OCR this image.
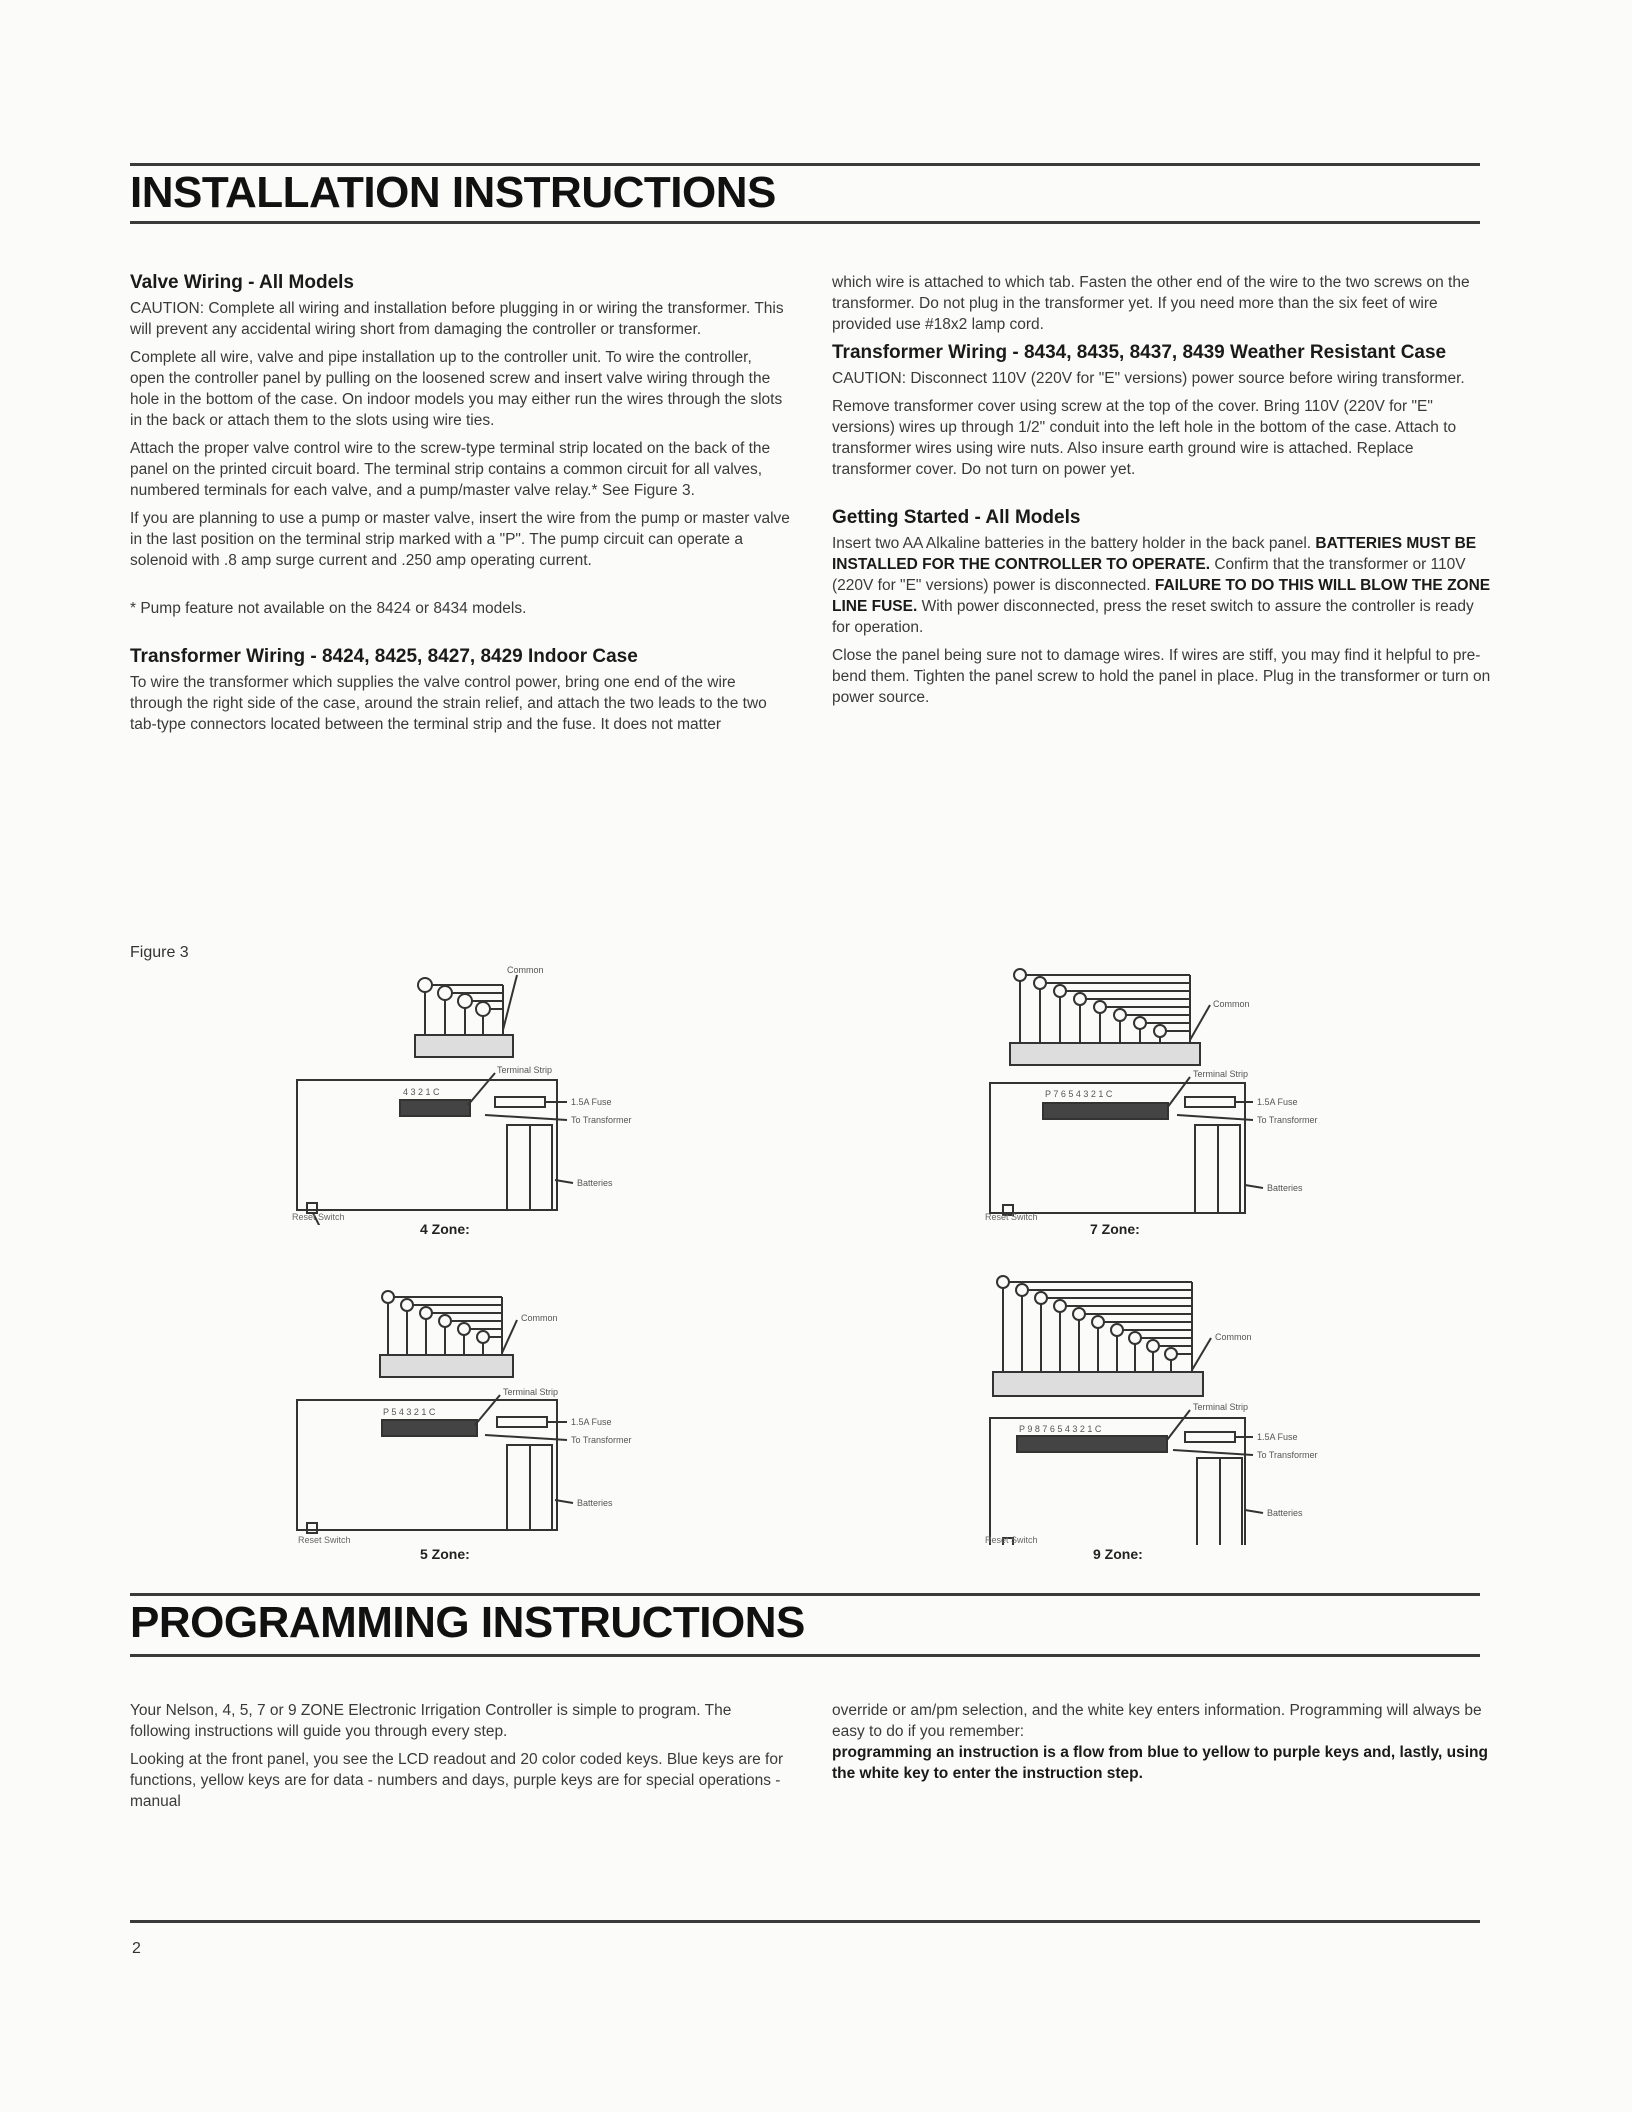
INSTALLATION INSTRUCTIONS
Valve Wiring - All Models

CAUTION: Complete all wiring and installation before plugging in or wiring the transformer. This will prevent any accidental wiring short from damaging the controller or transformer.

Complete all wire, valve and pipe installation up to the controller unit. To wire the controller, open the controller panel by pulling on the loosened screw and insert valve wiring through the hole in the bottom of the case. On indoor models you may either run the wires through the slots in the back or attach them to the slots using wire ties.

Attach the proper valve control wire to the screw-type terminal strip located on the back of the panel on the printed circuit board. The terminal strip contains a common circuit for all valves, numbered terminals for each valve, and a pump/master valve relay.* See Figure 3.

If you are planning to use a pump or master valve, insert the wire from the pump or master valve in the last position on the terminal strip marked with a "P". The pump circuit can operate a solenoid with .8 amp surge current and .250 amp operating current.

* Pump feature not available on the 8424 or 8434 models.

Transformer Wiring - 8424, 8425, 8427, 8429 Indoor Case

To wire the transformer which supplies the valve control power, bring one end of the wire through the right side of the case, around the strain relief, and attach the two leads to the two tab-type connectors located between the terminal strip and the fuse. It does not matter

which wire is attached to which tab. Fasten the other end of the wire to the two screws on the transformer. Do not plug in the transformer yet. If you need more than the six feet of wire provided use #18x2 lamp cord.

Transformer Wiring - 8434, 8435, 8437, 8439 Weather Resistant Case

CAUTION: Disconnect 110V (220V for "E" versions) power source before wiring transformer.

Remove transformer cover using screw at the top of the cover. Bring 110V (220V for "E" versions) wires up through 1/2" conduit into the left hole in the bottom of the case. Attach to transformer wires using wire nuts. Also insure earth ground wire is attached. Replace transformer cover. Do not turn on power yet.

Getting Started - All Models

Insert two AA Alkaline batteries in the battery holder in the back panel. BATTERIES MUST BE INSTALLED FOR THE CONTROLLER TO OPERATE. Confirm that the transformer or 110V (220V for "E" versions) power is disconnected. FAILURE TO DO THIS WILL BLOW THE ZONE LINE FUSE. With power disconnected, press the reset switch to assure the controller is ready for operation.

Close the panel being sure not to damage wires. If wires are stiff, you may find it helpful to pre-bend them. Tighten the panel screw to hold the panel in place. Plug in the transformer or turn on power source.

Figure 3
Common
Terminal Strip
1.5A Fuse
To Transformer
Batteries
4 3 2 1 C
4 Zone:
Reset Switch
Common
Terminal Strip
1.5A Fuse
To Transformer
Batteries
P 7 6 5 4 3 2 1 C
7 Zone:
Reset Switch
Common
Terminal Strip
1.5A Fuse
To Transformer
Batteries
P 5 4 3 2 1 C
5 Zone:
Reset Switch
Common
Terminal Strip
1.5A Fuse
To Transformer
Batteries
P 9 8 7 6 5 4 3 2 1 C
9 Zone:
Reset Switch
PROGRAMMING INSTRUCTIONS

Your Nelson, 4, 5, 7 or 9 ZONE Electronic Irrigation Controller is simple to program. The following instructions will guide you through every step.

Looking at the front panel, you see the LCD readout and 20 color coded keys. Blue keys are for functions, yellow keys are for data - numbers and days, purple keys are for special operations - manual

override or am/pm selection, and the white key enters information. Programming will always be easy to do if you remember:

programming an instruction is a flow from blue to yellow to purple keys and, lastly, using the white key to enter the instruction step.

2
